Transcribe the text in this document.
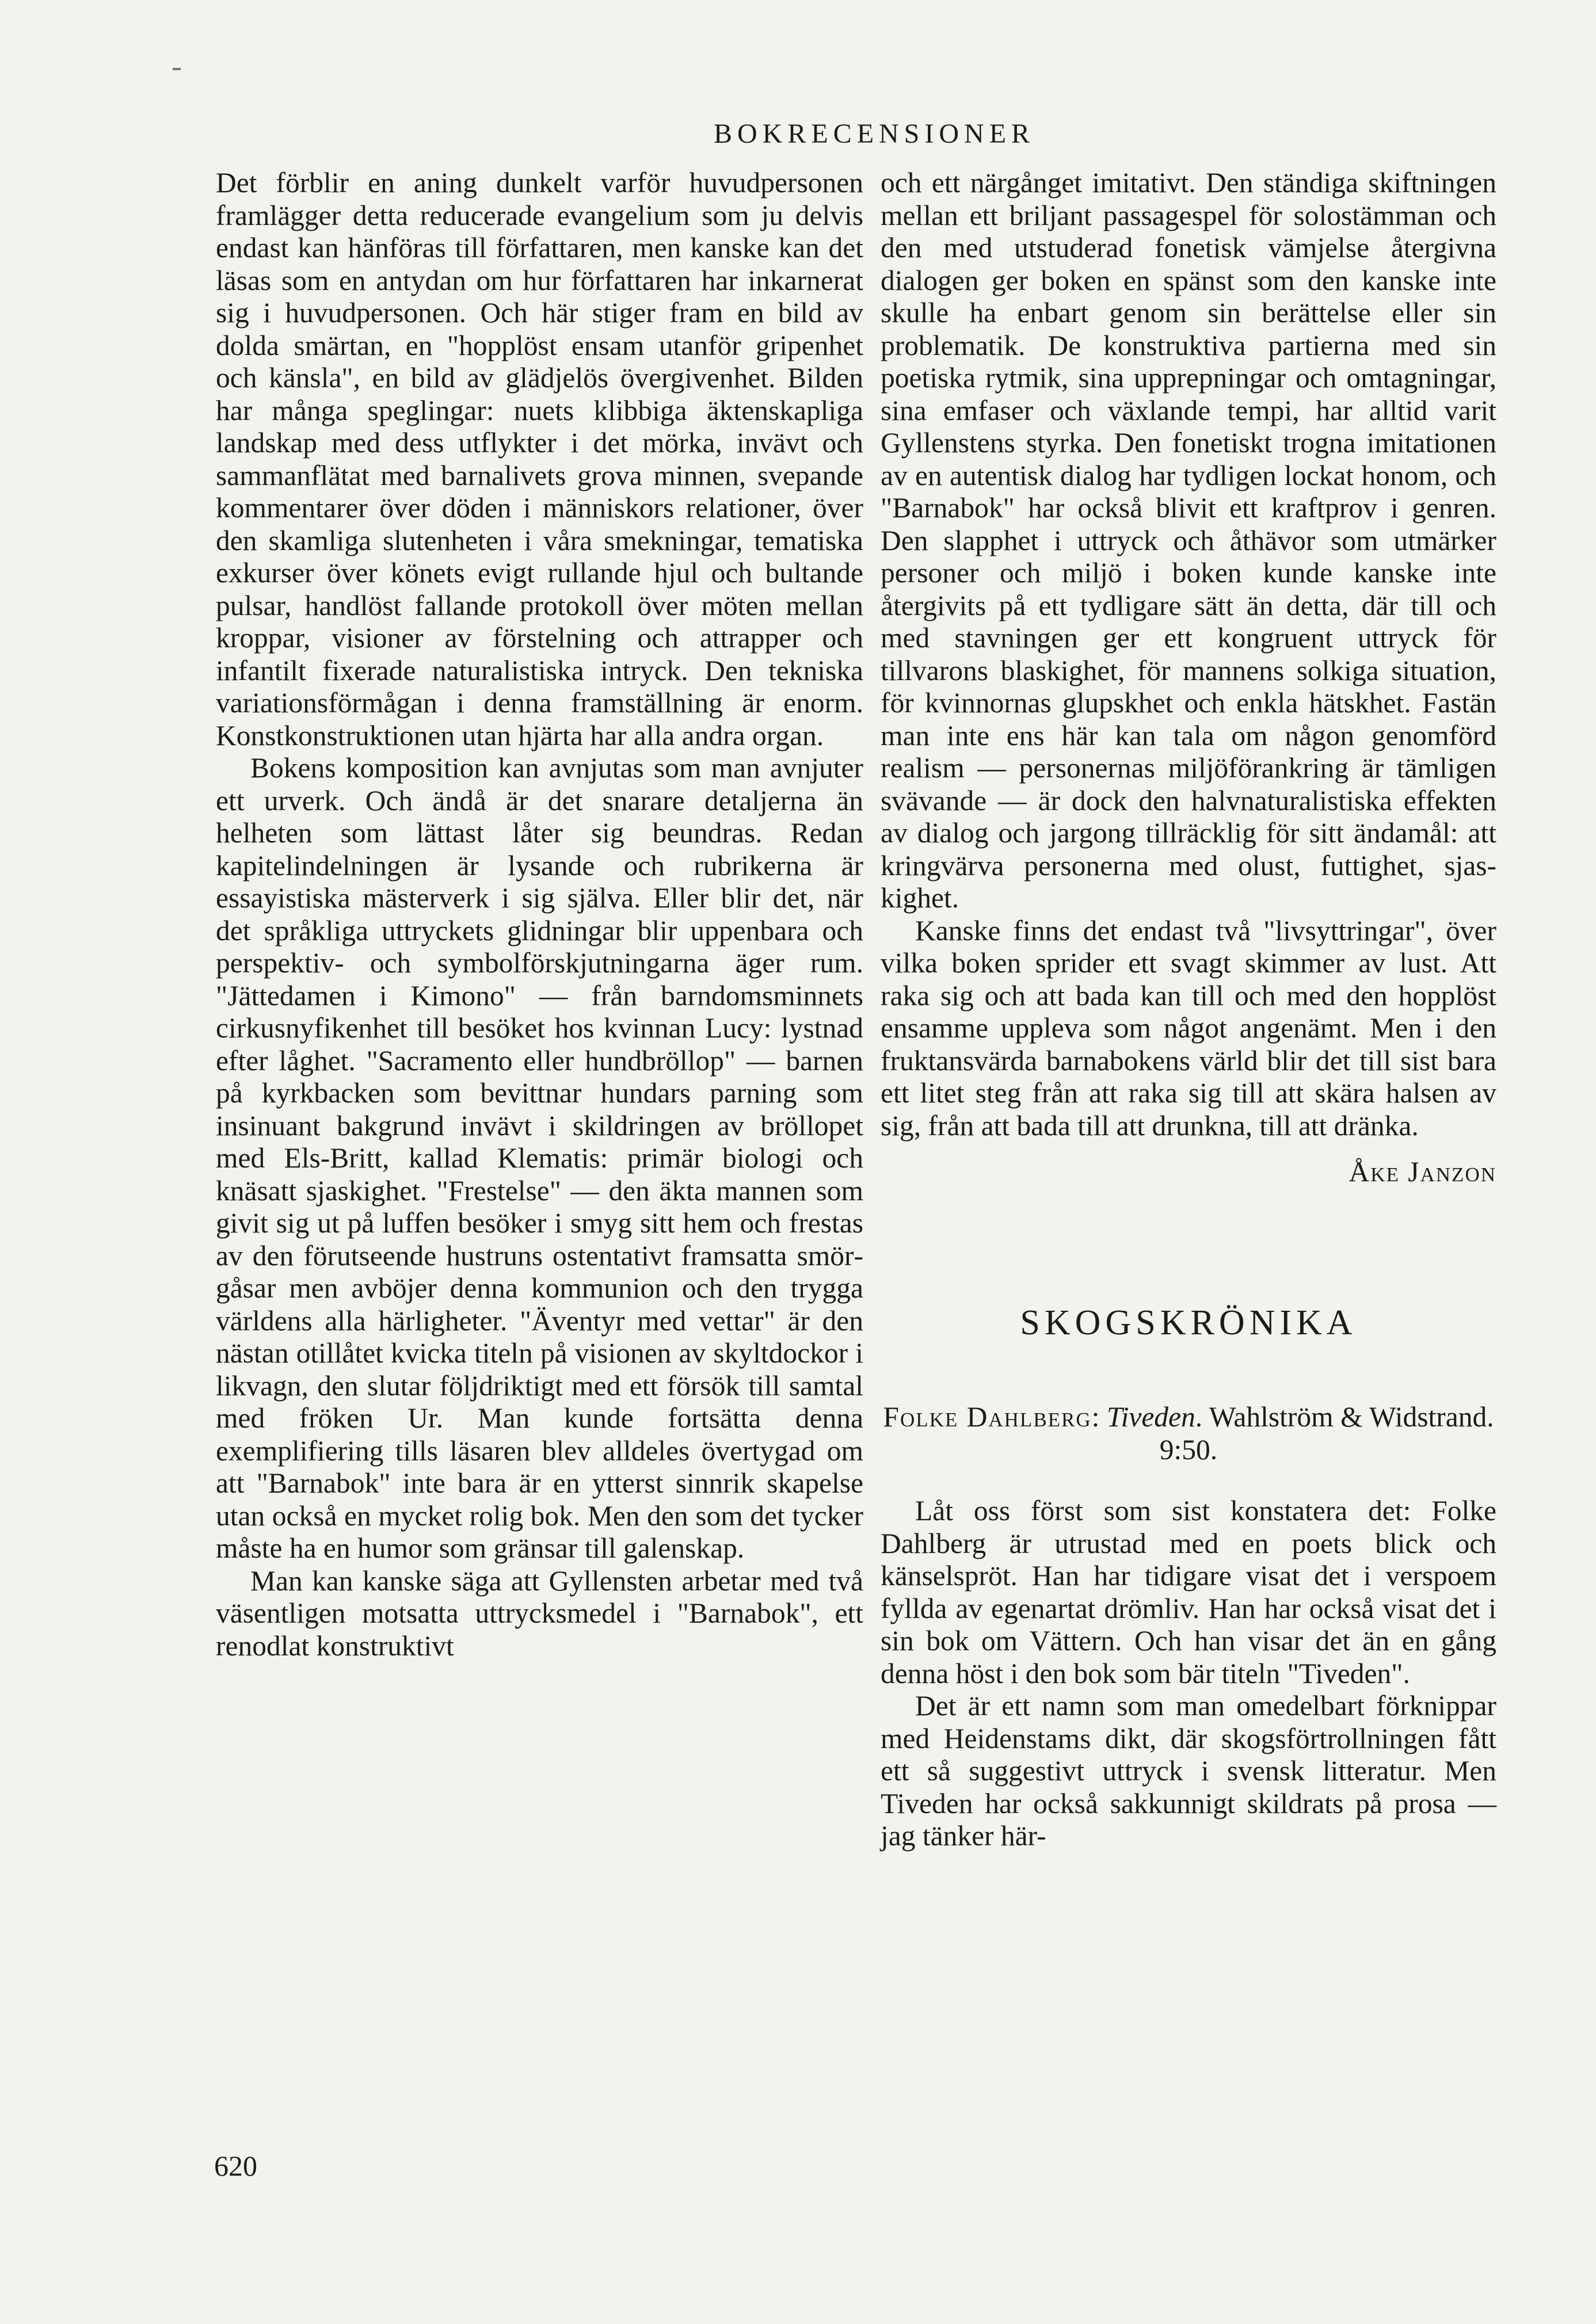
BOKRECENSIONER

Det förblir en aning dunkelt varför huvudpersonen framlägger detta reducerade evangelium som ju delvis endast kan hänföras till författaren, men kanske kan det läsas som en antydan om hur författaren har inkarnerat sig i huvudpersonen. Och här stiger fram en bild av dolda smärtan, en "hopplöst ensam utanför gripenhet och känsla", en bild av glädjelös övergivenhet. Bilden har många speglingar: nuets klibbiga äktenskapliga landskap med dess utflykter i det mörka, invävt och sammanflätat med barnalivets grova minnen, svepande kommentarer över döden i människors relationer, över den skamliga slutenheten i våra smekningar, tematiska exkurser över könets evigt rullande hjul och bultande pulsar, handlöst fallande protokoll över möten mellan kroppar, visioner av förstelning och attrapper och infantilt fixerade naturalistiska intryck. Den tekniska variationsförmågan i denna framställning är enorm. Konstkonstruktionen utan hjärta har alla andra organ.

Bokens komposition kan avnjutas som man avnjuter ett urverk. Och ändå är det snarare detaljerna än helheten som lättast låter sig beundras. Redan kapitelindelningen är lysande och rubrikerna är essayistiska mästerverk i sig själva. Eller blir det, när det språkliga uttryckets glidningar blir uppenbara och perspektiv- och symbolförskjutningarna äger rum. "Jättedamen i Kimono" — från barndomsminnets cirkusnyfikenhet till besöket hos kvinnan Lucy: lystnad efter låghet. "Sacramento eller hundbröllop" — barnen på kyrkbacken som bevittnar hundars parning som insinuant bakgrund invävt i skildringen av bröllopet med Els-Britt, kallad Klematis: primär biologi och knäsatt sjaskighet. "Frestelse" — den äkta mannen som givit sig ut på luffen besöker i smyg sitt hem och frestas av den förutseende hustruns ostentativt framsatta smörgåsar men avböjer denna kommunion och den trygga världens alla härligheter. "Äventyr med vettar" är den nästan otillåtet kvicka titeln på visionen av skyltdockor i likvagn, den slutar följdriktigt med ett försök till samtal med fröken Ur. Man kunde fortsätta denna exemplifiering tills läsaren blev alldeles övertygad om att "Barnabok" inte bara är en ytterst sinnrik skapelse utan också en mycket rolig bok. Men den som det tycker måste ha en humor som gränsar till galenskap.

Man kan kanske säga att Gyllensten arbetar med två väsentligen motsatta uttrycksmedel i "Barnabok", ett renodlat konstruktivt

och ett närgånget imitativt. Den ständiga skiftningen mellan ett briljant passagespel för solostämman och den med utstuderad fonetisk vämjelse återgivna dialogen ger boken en spänst som den kanske inte skulle ha enbart genom sin berättelse eller sin problematik. De konstruktiva partierna med sin poetiska rytmik, sina upprepningar och omtagningar, sina emfaser och växlande tempi, har alltid varit Gyllenstens styrka. Den fonetiskt trogna imitationen av en autentisk dialog har tydligen lockat honom, och "Barnabok" har också blivit ett kraftprov i genren. Den slapphet i uttryck och åthävor som utmärker personer och miljö i boken kunde kanske inte återgivits på ett tydligare sätt än detta, där till och med stavningen ger ett kongruent uttryck för tillvarons blaskighet, för mannens solkiga situation, för kvinnornas glupskhet och enkla hätskhet. Fastän man inte ens här kan tala om någon genomförd realism — personernas miljöförankring är tämligen svävande — är dock den halvnaturalistiska effekten av dialog och jargong tillräcklig för sitt ändamål: att kringvärva personerna med olust, futtighet, sjaskighet.

Kanske finns det endast två "livsyttringar", över vilka boken sprider ett svagt skimmer av lust. Att raka sig och att bada kan till och med den hopplöst ensamme uppleva som något angenämt. Men i den fruktansvärda barnabokens värld blir det till sist bara ett litet steg från att raka sig till att skära halsen av sig, från att bada till att drunkna, till att dränka.

Åke Janzon
SKOGSKRÖNIKA
Folke Dahlberg: Tiveden. Wahlström & Widstrand. 9:50.

Låt oss först som sist konstatera det: Folke Dahlberg är utrustad med en poets blick och känselspröt. Han har tidigare visat det i verspoem fyllda av egenartat drömliv. Han har också visat det i sin bok om Vättern. Och han visar det än en gång denna höst i den bok som bär titeln "Tiveden".

Det är ett namn som man omedelbart förknippar med Heidenstams dikt, där skogsförtrollningen fått ett så suggestivt uttryck i svensk litteratur. Men Tiveden har också sakkunnigt skildrats på prosa — jag tänker här-

620
